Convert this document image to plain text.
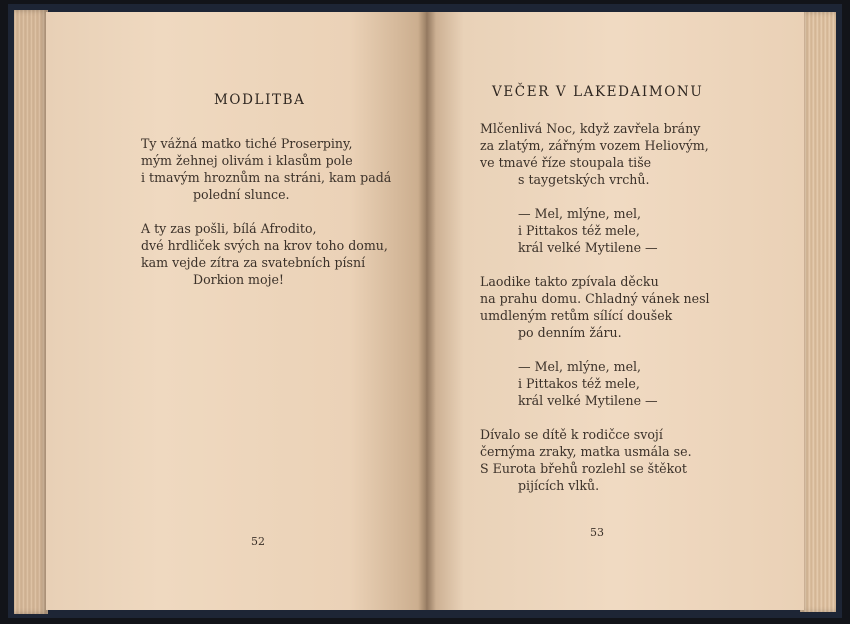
MODLITBA
Ty vážná matko tiché Proserpiny,
mým žehnej olivám i klasům pole
i tmavým hroznům na stráni, kam padá
polední slunce.
A ty zas pošli, bílá Afrodito,
dvé hrdliček svých na krov toho domu,
kam vejde zítra za svatebních písní
Dorkion moje!
52
VEČER V LAKEDAIMONU
Mlčenlivá Noc, když zavřela brány
za zlatým, zářným vozem Heliovým,
ve tmavé říze stoupala tiše
s taygetských vrchů.
— Mel, mlýne, mel,
i Pittakos též mele,
král velké Mytilene —
Laodike takto zpívala děcku
na prahu domu. Chladný vánek nesl
umdleným retům sílící doušek
po denním žáru.
— Mel, mlýne, mel,
i Pittakos též mele,
král velké Mytilene —
Dívalo se dítě k rodičce svojí
černýma zraky, matka usmála se.
S Eurota břehů rozlehl se štěkot
pijících vlků.
53
